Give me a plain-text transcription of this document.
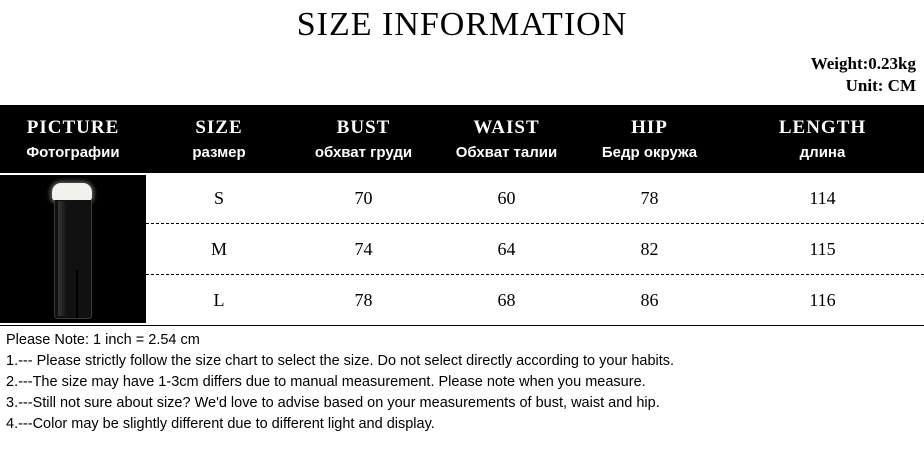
SIZE INFORMATION
Weight:0.23kg
Unit: CM
PICTURE	SIZE	BUST	WAIST	HIP	LENGTH
Фотографии	размер	обхват груди	Обхват талии	Бедр окружа	длина

	S	70	60	78	114

	M	74	64	82	115

	L	78	68	86	116
Please Note: 1 inch = 2.54 cm
1.--- Please strictly follow the size chart to select the size. Do not select directly according to your habits.
2.---The size may have 1-3cm differs due to manual measurement. Please note when you measure.
3.---Still not sure about size? We'd love to advise based on your measurements of bust, waist and hip.
4.---Color may be slightly different due to different light and display.
